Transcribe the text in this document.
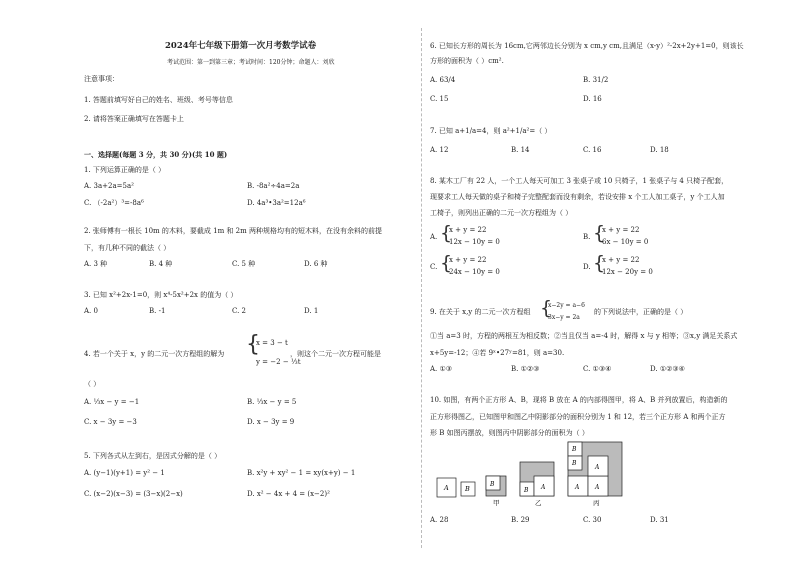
2024年七年级下册第一次月考数学试卷
考试范围：第一到第三章；考试时间：120分钟；命题人：刘欣
注意事项：
1. 答题前填写好自己的姓名、班级、考号等信息
2. 请将答案正确填写在答题卡上
一、选择题(每题 3 分，共 30 分)(共 10 题)
1. 下列运算正确的是（ ）
A. 3a+2a=5a²	B. -8a²÷4a=2a
C. （-2a²）³=-8a⁶	D. 4a³•3a²=12a⁶
2. 张师傅有一根长 10m 的木料，要截成 1m 和 2m 两种规格均有的短木料，在没有余料的前提
下，有几种不同的截法（ ）
A. 3 种	B. 4 种	C. 5 种	D. 6 种
3. 已知 x²+2x-1=0，则 x⁴-5x²+2x 的值为（ ）
A. 0	B. -1	C. 2	D. 1
4. 若一个关于 x，y 的二元一次方程组的解为 {
x = 3 − t
y = −2 − ⅓t
，则这个二元一次方程可能是
（ ）
A. ⅓x − y = −1	B. ⅓x − y = 5
C. x − 3y = −3	D. x − 3y = 9
5. 下列各式从左到右，是因式分解的是（ ）
A. (y−1)(y+1) = y² − 1	B. x²y + xy² − 1 = xy(x+y) − 1
C. (x−2)(x−3) = (3−x)(2−x)	D. x² − 4x + 4 = (x−2)²
6. 已知长方形的周长为 16cm,它两邻边长分别为 x cm,y cm,且满足（x-y）²-2x+2y+1=0，则该长
方形的面积为（ ）cm².
A. 63/4	B. 31/2
C. 15	D. 16
7. 已知 a+1/a=4，则 a²+1/a²=（ ）
A. 12	B. 14	C. 16	D. 18
8. 某木工厂有 22 人，一个工人每天可加工 3 张桌子或 10 只椅子，1 张桌子与 4 只椅子配套，
现要求工人每天做的桌子和椅子完整配套而没有剩余，若设安排 x 个工人加工桌子，y 个工人加
工椅子，则列出正确的二元一次方程组为（ ）
A. {
x + y = 22
12x − 10y = 0
B. {
x + y = 22
6x − 10y = 0
C. {
x + y = 22
24x − 10y = 0
D. {
x + y = 22
12x − 20y = 0
9. 在关于 x,y 的二元一次方程组 {
x−2y = a−6
3x−y = 2a
的下列说法中，正确的是（ ）
①当 a=3 时，方程的两根互为相反数；②当且仅当 a=-4 时，解得 x 与 y 相等；③x,y 满足关系式
x+5y=-12；④若 9ˣ•27ʸ=81，则 a=30.
A. ①③	B. ①②③	C. ①③④	D. ①②③④
10. 如图，有两个正方形 A、B，现将 B 放在 A 的内部得图甲，将 A、B 并列放置后，构造新的
正方形得图乙，已知图甲和图乙中阴影部分的面积分别为 1 和 12，若三个正方形 A 和两个正方
形 B 如图丙摆放，则图丙中阴影部分的面积为（ ）
A	B
B
甲
B A
乙
B
B
A	A
A
丙
A. 28	B. 29	C. 30	D. 31
